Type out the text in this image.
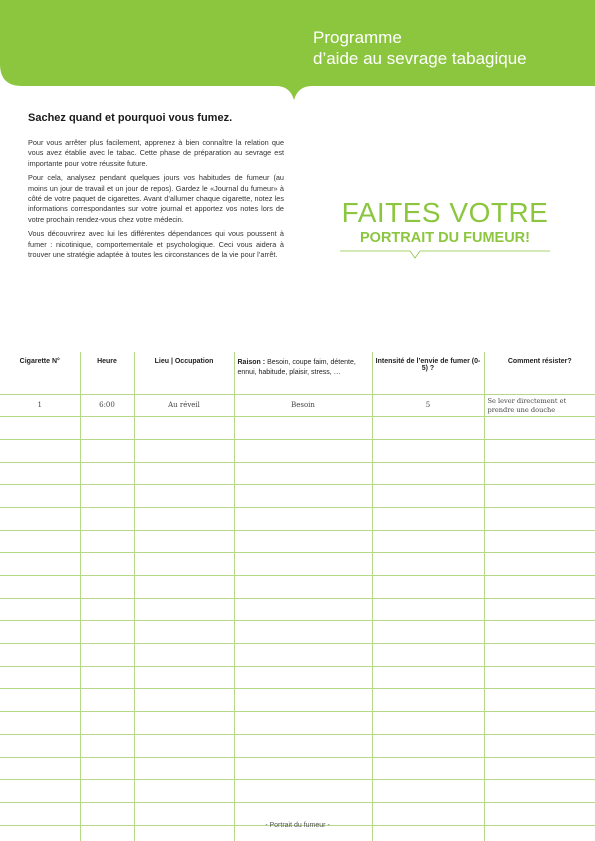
Programme
d’aide au sevrage tabagique
Sachez quand et pourquoi vous fumez.

Pour vous arrêter plus facilement, apprenez à bien connaître la relation que vous avez établie avec le tabac. Cette phase de préparation au sevrage est importante pour votre réussite future.

Pour cela, analysez pendant quelques jours vos habitudes de fumeur (au moins un jour de travail et un jour de repos). Gardez le «Journal du fumeur» à côté de votre paquet de cigarettes. Avant d’allumer chaque cigarette, notez les informations correspondantes sur votre journal et apportez vos notes lors de votre prochain rendez-vous chez votre médecin.

Vous découvrirez avec lui les différentes dépendances qui vous poussent à fumer : nicotinique, comportementale et psychologique. Ceci vous aidera à trouver une stratégie adaptée à toutes les circonstances de la vie pour l’arrêt.

FAITES VOTRE
PORTRAIT DU FUMEUR!
Cigarette N°	Heure	Lieu | Occupation	Raison : Besoin, coupe faim, détente, ennui, habitude, plaisir, stress, …	Intensité de l’envie de fumer (0-5) ?	Comment résister?
1	6:00	Au réveil	Besoin	5	Se lever directement et prendre une douche

- Portrait du fumeur -
